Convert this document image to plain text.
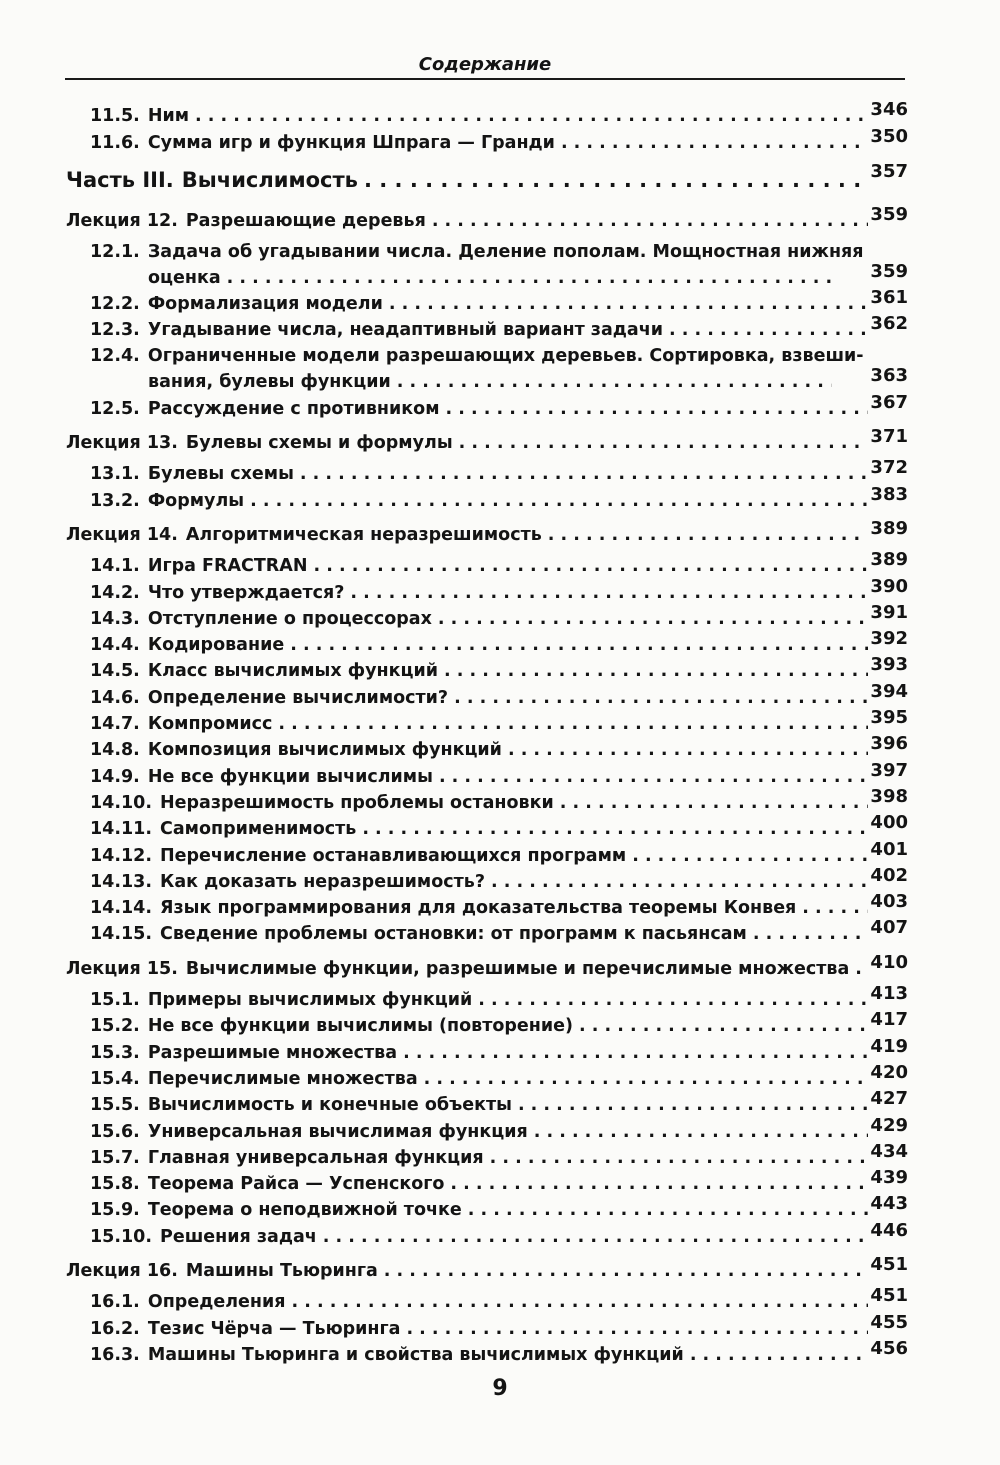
Содержание
11.5. Ним . . .	346
11.6. Сумма игр и функция Шпрага — Гранди . . .	350
Часть III. Вычислимость . . .	357
Лекция 12. Разрешающие деревья . . .	359
12.1. Задача об угадывании числа. Деление пополам. Мощностная нижняя
оценка . . .	359
12.2. Формализация модели . . .	361
12.3. Угадывание числа, неадаптивный вариант задачи . . .	362
12.4. Ограниченные модели разрешающих деревьев. Сортировка, взвеши-
вания, булевы функции . . .	363
12.5. Рассуждение с противником . . .	367
Лекция 13. Булевы схемы и формулы . . .	371
13.1. Булевы схемы . . .	372
13.2. Формулы . . .	383
Лекция 14. Алгоритмическая неразрешимость . . .	389
14.1. Игра FRACTRAN . . .	389
14.2. Что утверждается? . . .	390
14.3. Отступление о процессорах . . .	391
14.4. Кодирование . . .	392
14.5. Класс вычислимых функций . . .	393
14.6. Определение вычислимости? . . .	394
14.7. Компромисс . . .	395
14.8. Композиция вычислимых функций . . .	396
14.9. Не все функции вычислимы . . .	397
14.10. Неразрешимость проблемы остановки . . .	398
14.11. Самоприменимость . . .	400
14.12. Перечисление останавливающихся программ . . .	401
14.13. Как доказать неразрешимость? . . .	402
14.14. Язык программирования для доказательства теоремы Конвея . . .	403
14.15. Сведение проблемы остановки: от программ к пасьянсам . . .	407
Лекция 15. Вычислимые функции, разрешимые и перечислимые множества . . . 410
15.1. Примеры вычислимых функций . . .	413
15.2. Не все функции вычислимы (повторение) . . .	417
15.3. Разрешимые множества . . .	419
15.4. Перечислимые множества . . .	420
15.5. Вычислимость и конечные объекты . . .	427
15.6. Универсальная вычислимая функция . . .	429
15.7. Главная универсальная функция . . .	434
15.8. Теорема Райса — Успенского . . .	439
15.9. Теорема о неподвижной точке . . .	443
15.10. Решения задач . . .	446
Лекция 16. Машины Тьюринга . . .	451
16.1. Определения . . .	451
16.2. Тезис Чёрча — Тьюринга . . .	455
16.3. Машины Тьюринга и свойства вычислимых функций . . .	456
9
